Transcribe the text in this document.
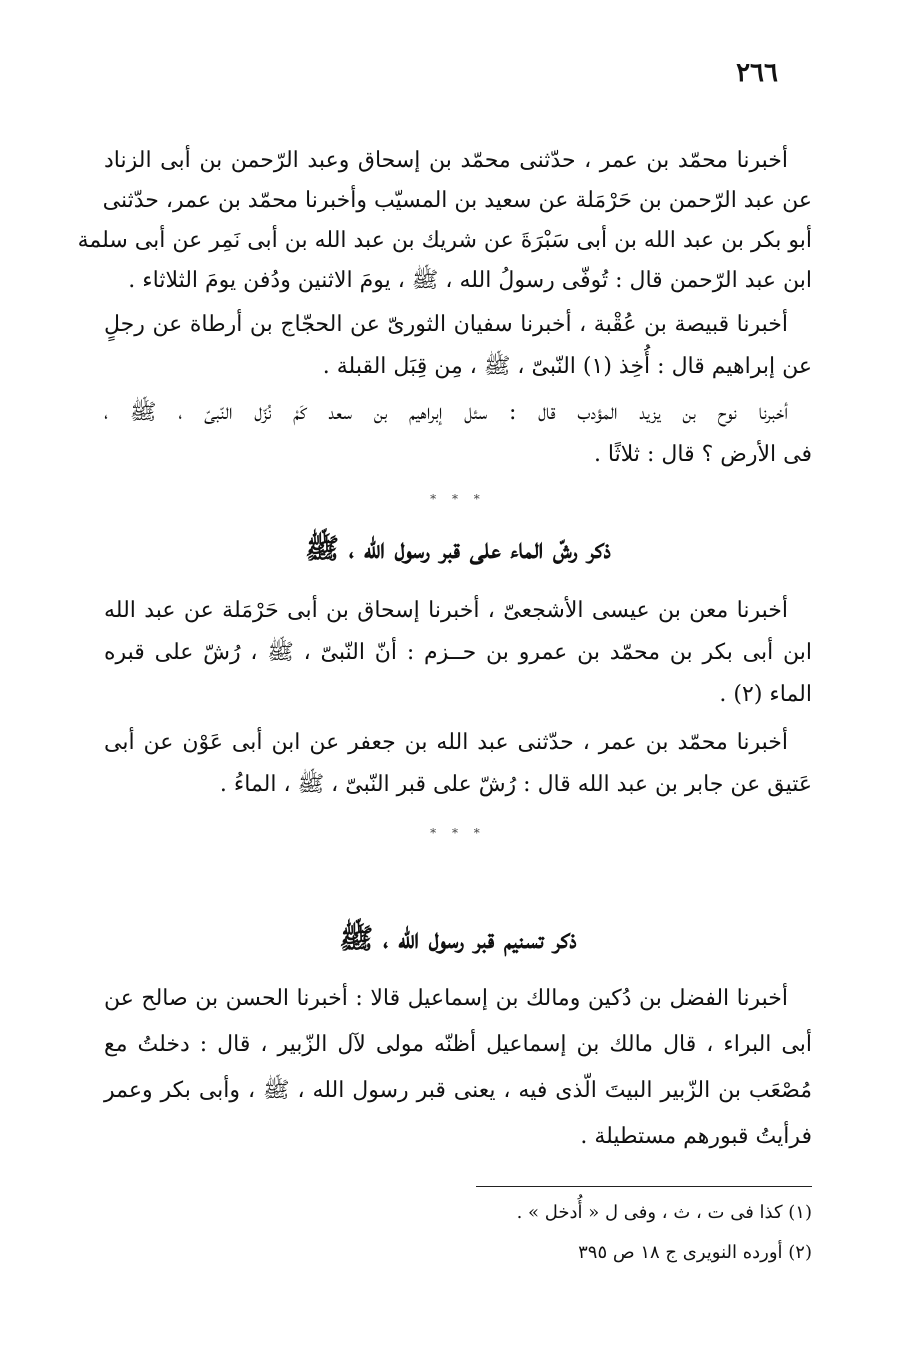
٢٦٦
أخبرنا محمّد بن عمر ، حدّثنى محمّد بن إسحاق وعبد الرّحمن بن أبى الزناد
عن عبد الرّحمن بن حَرْمَلة عن سعيد بن المسيّب وأخبرنا محمّد بن عمر، حدّثنى
أبو بكر بن عبد الله بن أبى سَبْرَةَ عن شريك بن عبد الله بن أبى نَمِر عن أبى سلمة
ابن عبد الرّحمن قال : تُوفّى رسولُ الله ، ﷺ ، يومَ الاثنين ودُفن يومَ الثلاثاء .
أخبرنا قبيصة بن عُقْبة ، أخبرنا سفيان الثورىّ عن الحجّاج بن أرطاة عن رجلٍ
عن إبراهيم قال : أُخِذ (١) النّبىّ ، ﷺ ، مِن قِبَل القبلة .
أخبرنا نوح بن يزيد المؤدب قال : سئل إبراهيم بن سعد كَمْ نُزّل النّبىّ ، ﷺ ،
فى الأرض ؟ قال : ثلاثًا .
* * *
ذكر رشّ الماء على قبر رسول الله ، ﷺ
أخبرنا معن بن عيسى الأشجعىّ ، أخبرنا إسحاق بن أبى حَرْمَلة عن عبد الله
ابن أبى بكر بن محمّد بن عمرو بن حــزم : أنّ النّبىّ ، ﷺ ، رُشّ على قبره
الماء (٢) .
أخبرنا محمّد بن عمر ، حدّثنى عبد الله بن جعفر عن ابن أبى عَوْن عن أبى
عَتيق عن جابر بن عبد الله قال : رُشّ على قبر النّبىّ ، ﷺ ، الماءُ .
* * *
ذكر تسنيم قبر رسول الله ، ﷺ
أخبرنا الفضل بن دُكين ومالك بن إسماعيل قالا : أخبرنا الحسن بن صالح عن
أبى البراء ، قال مالك بن إسماعيل أظنّه مولى لآل الزّبير ، قال : دخلتُ مع
مُصْعَب بن الزّبير البيتَ الّذى فيه ، يعنى قبر رسول الله ، ﷺ ، وأبى بكر وعمر
فرأيتُ قبورهم مستطيلة .
(١) كذا فى ت ، ث ، وفى ل « أُدخل » .
(٢) أورده النويرى ج ١٨ ص ٣٩٥
